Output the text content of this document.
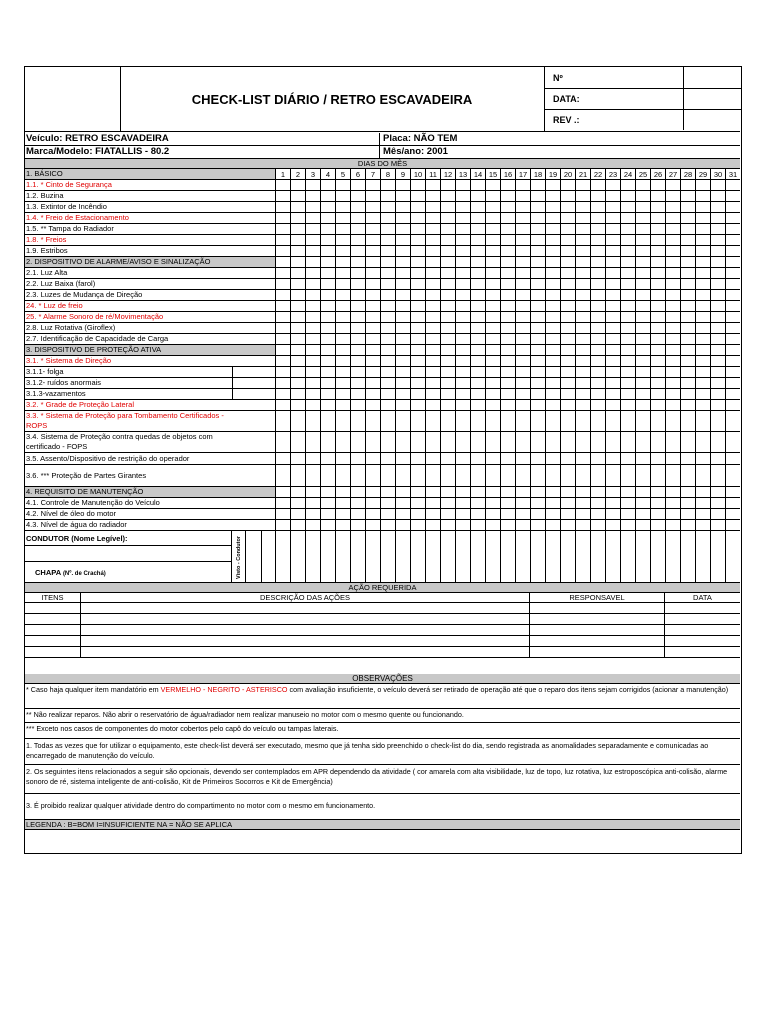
CHECK-LIST DIÁRIO / RETRO ESCAVADEIRA
Nº
DATA:
REV .:
Veículo: RETRO ESCAVADEIRA	Placa: NÃO TEM
Marca/Modelo: FIATALLIS - 80.2	Mês/ano: 2001
DIAS DO MÊS
1. BÁSICO	1	2	3	4	5	6	7	8	9	10 11 12 13 14 15 16 17 18 19 20 21 22 23 24 25 26 27 28 29 30 31
1.1. * Cinto de Segurança
1.2. Buzina
1.3. Extintor de Incêndio
1.4. * Freio de Estacionamento
1.5. ** Tampa do Radiador
1.8. * Freios
1.9. Estribos
2. DISPOSITIVO DE ALARME/AVISO E SINALIZAÇÃO
2.1. Luz Alta
2.2. Luz Baixa (farol)
2.3. Luzes de Mudança de Direção
24. * Luz de freio
25. * Alarme Sonoro de ré/Movimentação
2.8. Luz Rotativa (Giroflex)
2.7. Identificação de Capacidade de Carga
3. DISPOSITIVO DE PROTEÇÃO ATIVA
3.1. * Sistema de Direção
3.1.1- folga
3.1.2- ruídos anormais
3.1.3-vazamentos
3.2. * Grade de Proteção Lateral
3.3. * Sistema de Proteção para Tombamento Certificados - ROPS
3.4. Sistema de Proteção contra quedas de objetos com certificado - FOPS
3.5. Assento/Dispositivo de restrição do operador
3.6. *** Proteção de Partes Girantes
4. REQUISITO DE MANUTENÇÃO
4.1. Controle de Manutenção do Veículo
4.2. Nível de óleo do motor
4.3. Nível de água do radiador
CONDUTOR (Nome Legível):
CHAPA (Nº. de Crachá)	Visto - Condutor
AÇÃO REQUERIDA
ITENS	DESCRIÇÃO DAS AÇÕES	RESPONSAVEL	DATA
OBSERVAÇÕES
* Caso haja qualquer item mandatório em VERMELHO - NEGRITO - ASTERISCO com avaliação insuficiente, o veículo deverá ser retirado de operação até que o reparo dos itens sejam corrigidos (acionar a manutenção)
** Não realizar reparos. Não abrir o reservatório de água/radiador nem realizar manuseio no motor com o mesmo quente ou funcionando.
*** Exceto nos casos de componentes do motor cobertos pelo capô do veículo ou tampas laterais.
1. Todas as vezes que for utilizar o equipamento, este check-list deverá ser executado, mesmo que já tenha sido preenchido o check-list do dia, sendo registrada as anomalidades separadamente e comunicadas ao encarregado de manutenção do veículo.
2. Os seguintes itens relacionados a seguir são opcionais, devendo ser contemplados em APR dependendo da atividade ( cor amarela com alta visibilidade, luz de topo, luz rotativa, luz estroposcópica anti-colisão, alarme sonoro de ré, sistema inteligente de anti-colisão, Kit de Primeiros Socorros e Kit de Emergência)
3. É proibido realizar qualquer atividade dentro do compartimento no motor com o mesmo em funcionamento.
LEGENDA : B=BOM I=INSUFICIENTE NA = NÃO SE APLICA
